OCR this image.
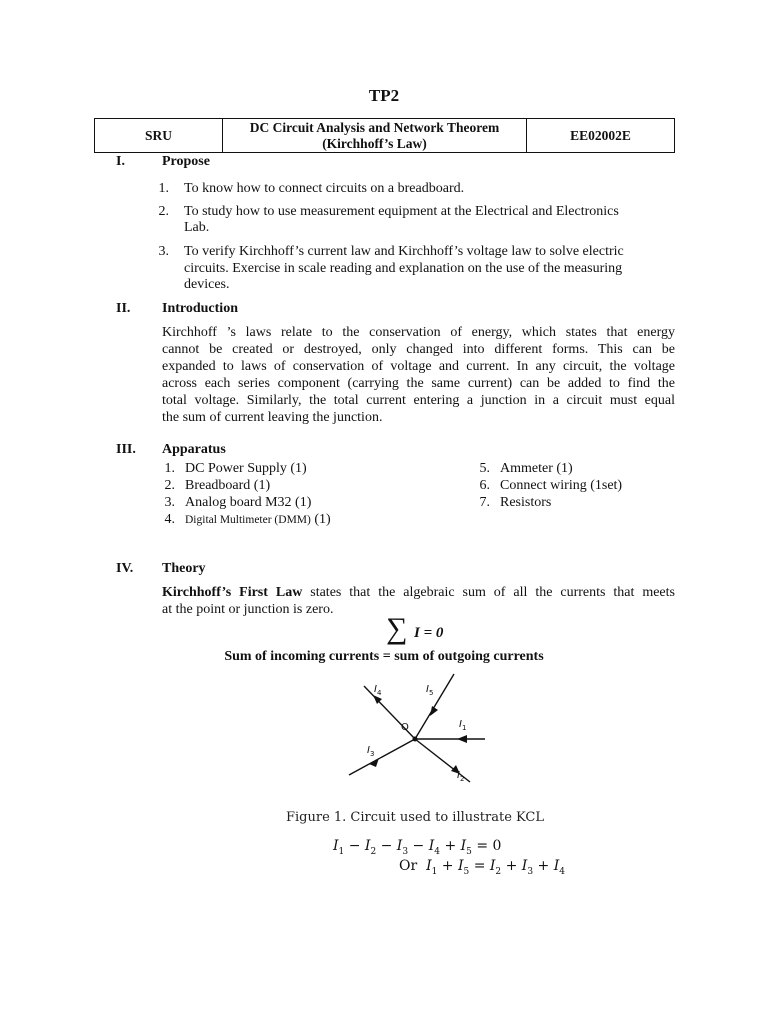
TP2
SRU
DC Circuit Analysis and Network Theorem
(Kirchhoff’s Law)
EE02002E
I.	Propose
1. To know how to connect circuits on a breadboard.
2. To study how to use measurement equipment at the Electrical and Electronics
Lab.
3. To verify Kirchhoff’s current law and Kirchhoff’s voltage law to solve electric
circuits. Exercise in scale reading and explanation on the use of the measuring
devices.
II. Introduction
Kirchhoff ’s laws relate to the conservation of energy, which states that energy
cannot be created or destroyed, only changed into different forms. This can be
expanded to laws of conservation of voltage and current. In any circuit, the voltage
across each series component (carrying the same current) can be added to find the
total voltage. Similarly, the total current entering a junction in a circuit must equal
the sum of current leaving the junction.
III. Apparatus
1. DC Power Supply (1)
2. Breadboard (1)
3. Analog board M32 (1)
4. Digital Multimeter (DMM) (1)
5. Ammeter (1)
6. Connect wiring (1set)
7. Resistors
IV. Theory
Kirchhoff’s First Law states that the algebraic sum of all the currents that meets
at the point or junction is zero.
∑ I = 0
Sum of incoming currents = sum of outgoing currents
O
$I_4$	$I_5$
$I_1$
$I_3$
$I_2$
Figure 1. Circuit used to illustrate KCL
$I_1 - I_2 - I_3 - I_4 + I_5 = 0$
Or  $I_1 + I_5 = I_2 + I_3 + I_4$
